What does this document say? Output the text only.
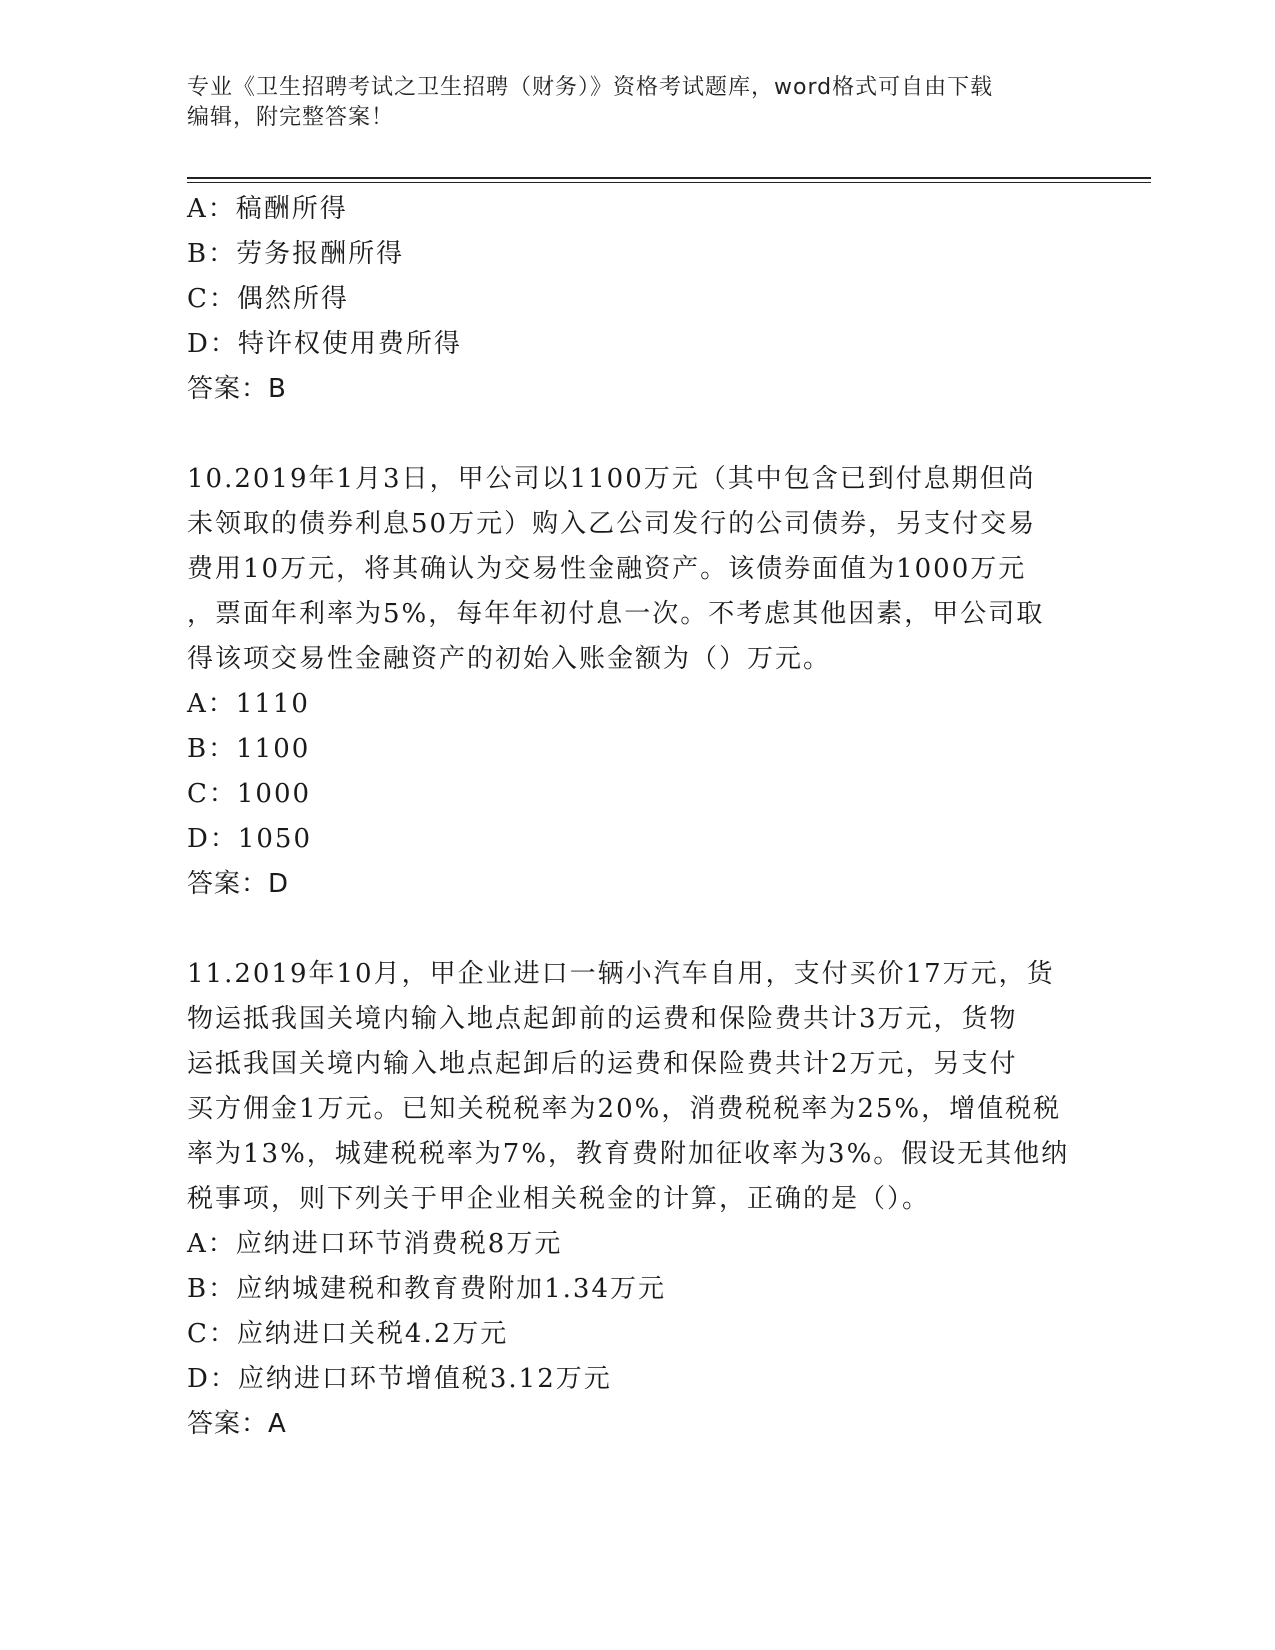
专业《卫生招聘考试之卫生招聘（财务）》资格考试题库，word格式可自由下载
编辑，附完整答案！
A：稿酬所得
B：劳务报酬所得
C：偶然所得
D：特许权使用费所得
答案：B
10.2019年1月3日，甲公司以1100万元（其中包含已到付息期但尚
未领取的债券利息50万元）购入乙公司发行的公司债券，另支付交易
费用10万元，将其确认为交易性金融资产。该债券面值为1000万元
，票面年利率为5%，每年年初付息一次。不考虑其他因素，甲公司取
得该项交易性金融资产的初始入账金额为（）万元。
A：1110
B：1100
C：1000
D：1050
答案：D
11.2019年10月，甲企业进口一辆小汽车自用，支付买价17万元，货
物运抵我国关境内输入地点起卸前的运费和保险费共计3万元，货物
运抵我国关境内输入地点起卸后的运费和保险费共计2万元，另支付
买方佣金1万元。已知关税税率为20%，消费税税率为25%，增值税税
率为13%，城建税税率为7%，教育费附加征收率为3%。假设无其他纳
税事项，则下列关于甲企业相关税金的计算，正确的是（）。
A：应纳进口环节消费税8万元
B：应纳城建税和教育费附加1.34万元
C：应纳进口关税4.2万元
D：应纳进口环节增值税3.12万元
答案：A
